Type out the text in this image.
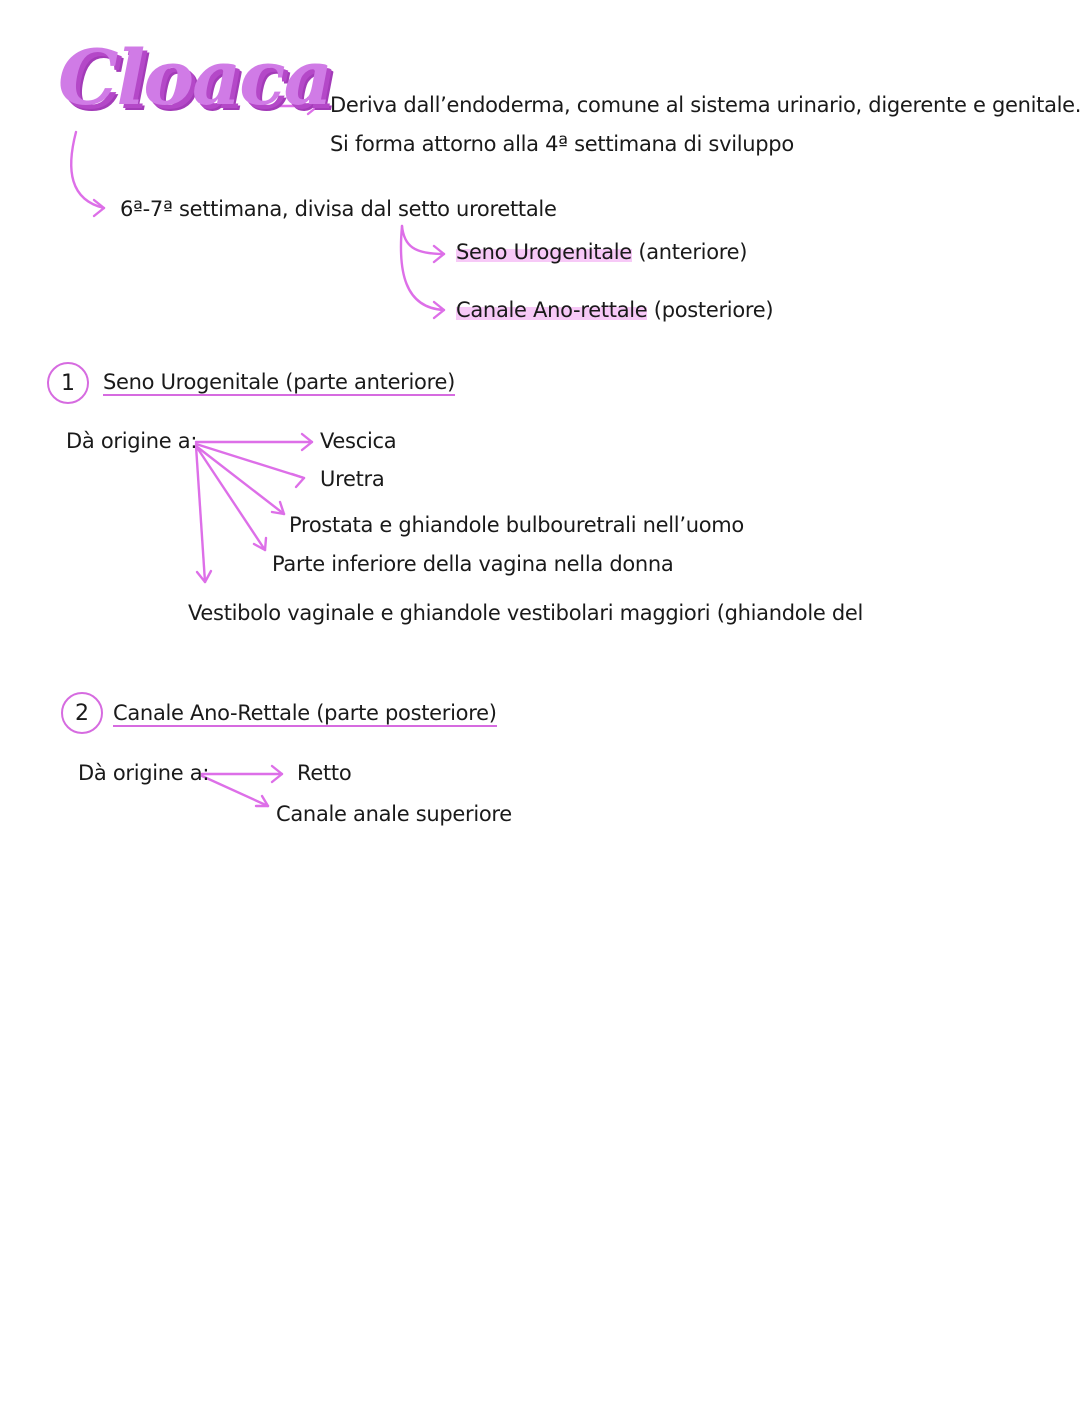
Cloaca Deriva dall’endoderma, comune al sistema urinario, digerente e genitale.
Si forma attorno alla 4ª settimana di sviluppo
6ª-7ª settimana, divisa dal setto urorettale
Seno Urogenitale (anteriore)
Canale Ano-rettale (posteriore)
1	Seno Urogenitale (parte anteriore)
Dà origine a:	Vescica
Uretra
Prostata e ghiandole bulbouretrali nell’uomo
Parte inferiore della vagina nella donna
Vestibolo vaginale e ghiandole vestibolari maggiori (ghiandole del
2	Canale Ano-Rettale (parte posteriore)
Dà origine a:	Retto
Canale anale superiore
